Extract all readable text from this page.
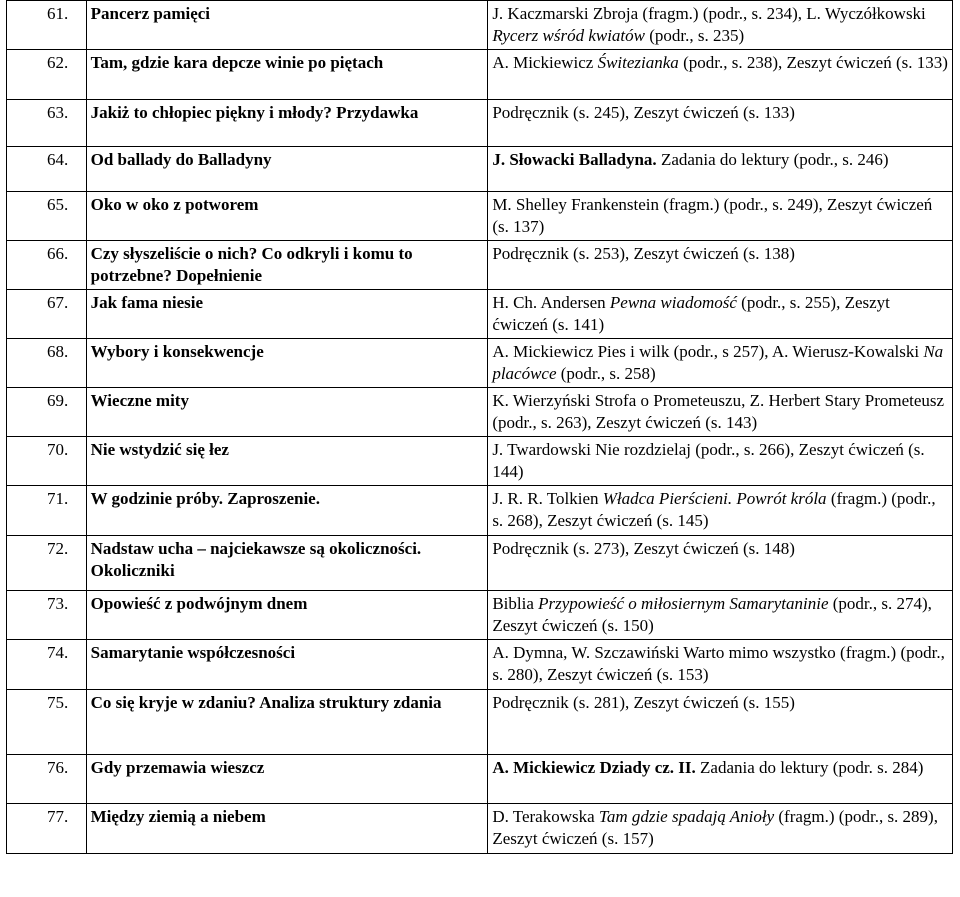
61.	Pancerz pamięci	J. Kaczmarski Zbroja (fragm.) (podr., s. 234), L. Wyczółkowski Rycerz wśród kwiatów (podr., s. 235)
62.	Tam, gdzie kara depcze winie po piętach	A. Mickiewicz Świtezianka (podr., s. 238), Zeszyt ćwiczeń (s. 133)
63.	Jakiż to chłopiec piękny i młody? Przydawka	Podręcznik (s. 245), Zeszyt ćwiczeń (s. 133)
64.	Od ballady do Balladyny	J. Słowacki Balladyna. Zadania do lektury (podr., s. 246)
65.	Oko w oko z potworem	M. Shelley Frankenstein (fragm.) (podr., s. 249), Zeszyt ćwiczeń (s. 137)
66.	Czy słyszeliście o nich? Co odkryli i komu to potrzebne? Dopełnienie	Podręcznik (s. 253), Zeszyt ćwiczeń (s. 138)
67.	Jak fama niesie	H. Ch. Andersen Pewna wiadomość (podr., s. 255), Zeszyt ćwiczeń (s. 141)
68.	Wybory i konsekwencje	A. Mickiewicz Pies i wilk (podr., s 257), A. Wierusz-Kowalski Na placówce (podr., s. 258)
69.	Wieczne mity	K. Wierzyński Strofa o Prometeuszu, Z. Herbert Stary Prometeusz (podr., s. 263), Zeszyt ćwiczeń (s. 143)
70.	Nie wstydzić się łez	J. Twardowski Nie rozdzielaj (podr., s. 266), Zeszyt ćwiczeń (s. 144)
71.	W godzinie próby. Zaproszenie.	J. R. R. Tolkien Władca Pierścieni. Powrót króla (fragm.) (podr., s. 268), Zeszyt ćwiczeń (s. 145)
72.	Nadstaw ucha – najciekawsze są okoliczności. Okoliczniki	Podręcznik (s. 273), Zeszyt ćwiczeń (s. 148)
73.	Opowieść z podwójnym dnem	Biblia Przypowieść o miłosiernym Samarytaninie (podr., s. 274), Zeszyt ćwiczeń (s. 150)
74.	Samarytanie współczesności	A. Dymna, W. Szczawiński Warto mimo wszystko (fragm.) (podr., s. 280), Zeszyt ćwiczeń (s. 153)
75.	Co się kryje w zdaniu? Analiza struktury zdania	Podręcznik (s. 281), Zeszyt ćwiczeń (s. 155)
76.	Gdy przemawia wieszcz	A. Mickiewicz Dziady cz. II. Zadania do lektury (podr. s. 284)
77.	Między ziemią a niebem	D. Terakowska Tam gdzie spadają Anioły (fragm.) (podr., s. 289), Zeszyt ćwiczeń (s. 157)
